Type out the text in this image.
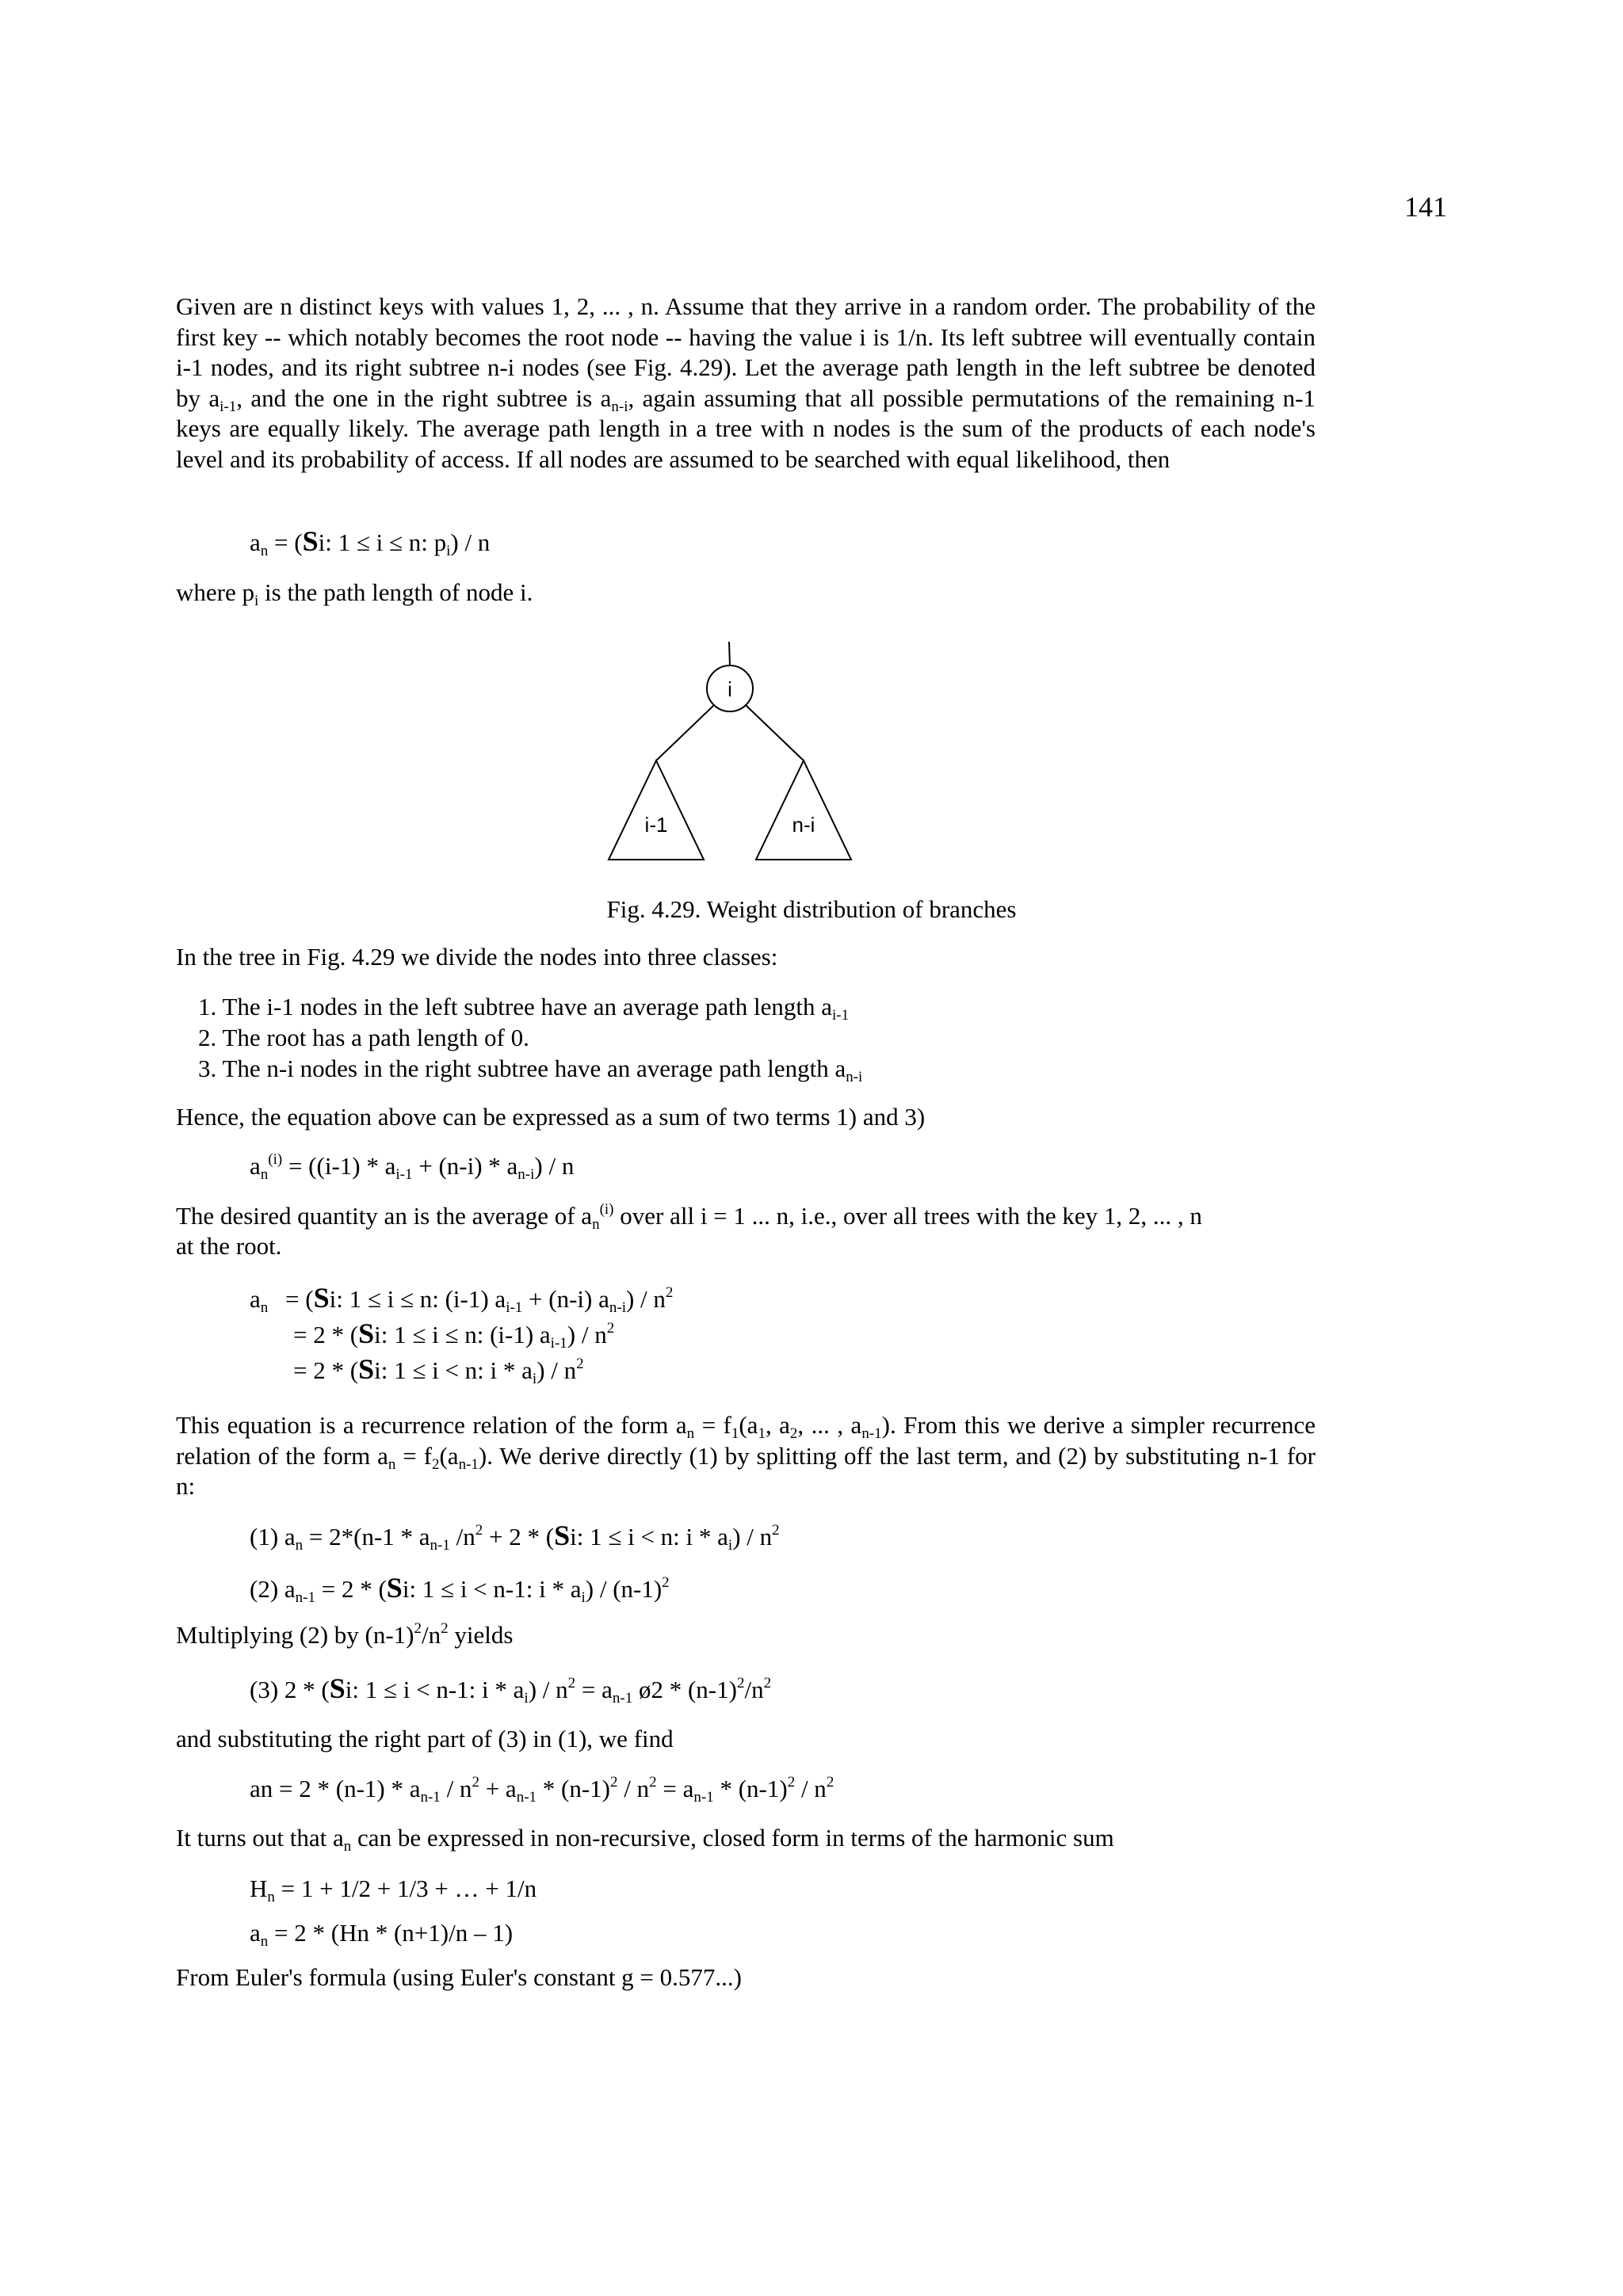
141
Given are n distinct keys with values 1, 2, ... , n. Assume that they arrive in a random order. The probability of the first key -- which notably becomes the root node -- having the value i is 1/n. Its left subtree will eventually contain i-1 nodes, and its right subtree n-i nodes (see Fig. 4.29). Let the average path length in the left subtree be denoted by $a_{i-1}$, and the one in the right subtree is $a_{n-i}$, again assuming that all possible permutations of the remaining n-1 keys are equally likely. The average path length in a tree with n nodes is the sum of the products of each node's level and its probability of access. If all nodes are assumed to be searched with equal likelihood, then
$a_n = (Si$: 1 ≤ i ≤ n: $p_i$) / n
where $p_i$ is the path length of node i.
i
i-1	n-i
Fig. 4.29. Weight distribution of branches
In the tree in Fig. 4.29 we divide the nodes into three classes:
1. The i-1 nodes in the left subtree have an average path length $a_{i-1}$
2. The root has a path length of 0.
3. The n-i nodes in the right subtree have an average path length $a_{n-i}$
Hence, the equation above can be expressed as a sum of two terms 1) and 3)
$a_n^{(i)} = ((i-1) * a_{i-1} + (n-i) * a_{n-i}) / n$
The desired quantity an is the average of $a_n^{(i)}$ over all i = 1 ... n, i.e., over all trees with the key 1, 2, ... , n
at the root.
$a_n = (Si$: 1 ≤ i ≤ n: (i-1) $a_{i-1} + (n-i)$ $a_{n-i}) / n^2$
= 2 * (Si: 1 ≤ i ≤ n: (i-1) $a_{i-1}) / n^2$
= 2 * (Si: 1 ≤ i < n: i * $a_i) / n^2$
This equation is a recurrence relation of the form $a_n = f_1(a_1$, $a_2$, ... , $a_{n-1}$). From this we derive a simpler recurrence relation of the form $a_n = f_2(a_{n-1})$. We derive directly (1) by splitting off the last term, and (2) by substituting n-1 for n:
(1) $a_n = 2*(n-1 * a_{n-1}$ $/n^2 + 2 * (Si$: 1 ≤ i < n: i * $a_i) / n^2$
(2) $a_{n-1} = 2 * (Si$: 1 ≤ i < n-1: i * $a_i) / (n-1)^2$
Multiplying (2) by $(n-1)^2/n^2$ yields
(3) 2 * (Si: 1 ≤ i < n-1: $i * a_i) / n^2 = a_{n-1}$ ø2 * $(n-1)^2/n^2$
and substituting the right part of (3) in (1), we find
an = $2 * (n-1) * a_{n-1} / n^2 + a_{n-1} * (n-1)^2 / n^2 = a_{n-1} * (n-1)^2 / n^2$
It turns out that $a_n$ can be expressed in non-recursive, closed form in terms of the harmonic sum
$H_n = 1 + 1/2 + 1/3$ + … + 1/n
$a_n = 2 * (Hn * (n+1)/n - 1)$
From Euler's formula (using Euler's constant g = 0.577...)
